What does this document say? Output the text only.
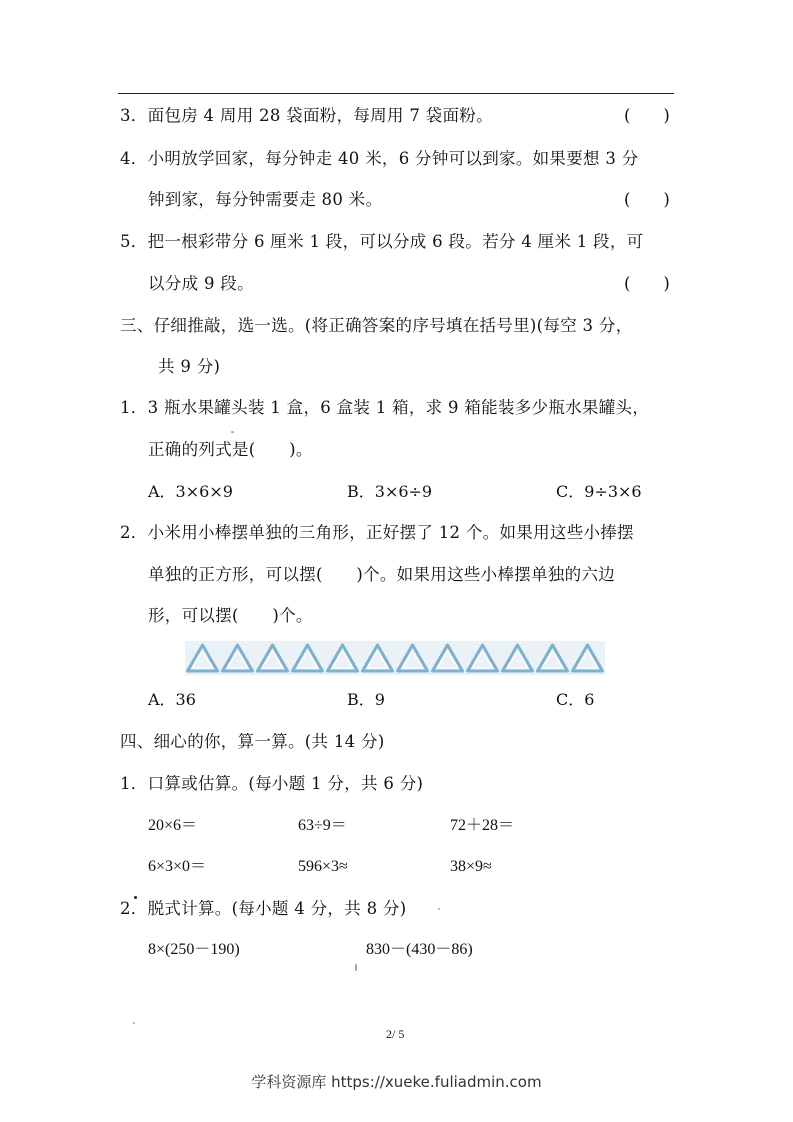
3．面包房 4 周用 28 袋面粉，每周用 7 袋面粉。	(　　)
4．小明放学回家，每分钟走 40 米，6 分钟可以到家。如果要想 3 分
钟到家，每分钟需要走 80 米。	(　　)
5．把一根彩带分 6 厘米 1 段，可以分成 6 段。若分 4 厘米 1 段，可
以分成 9 段。	(　　)
三、仔细推敲，选一选。(将正确答案的序号填在括号里)(每空 3 分，
共 9 分)
1．3 瓶水果罐头装 1 盒，6 盒装 1 箱，求 9 箱能装多少瓶水果罐头，
正确的列式是(　　)。
A．3×6×9	B．3×6÷9	C．9÷3×6
2．小米用小棒摆单独的三角形，正好摆了 12 个。如果用这些小捧摆
单独的正方形，可以摆(　　)个。如果用这些小棒摆单独的六边
形，可以摆(　　)个。
A．36	B．9	C．6
四、细心的你，算一算。(共 14 分)
1．口算或估算。(每小题 1 分，共 6 分)
20×6＝	63÷9＝	72＋28＝
6×3×0＝	596×3≈	38×9≈
2．脱式计算。(每小题 4 分，共 8 分)
8×(250－190)	830－(430－86)
2/ 5
学科资源库 https://xueke.fuliadmin.com
